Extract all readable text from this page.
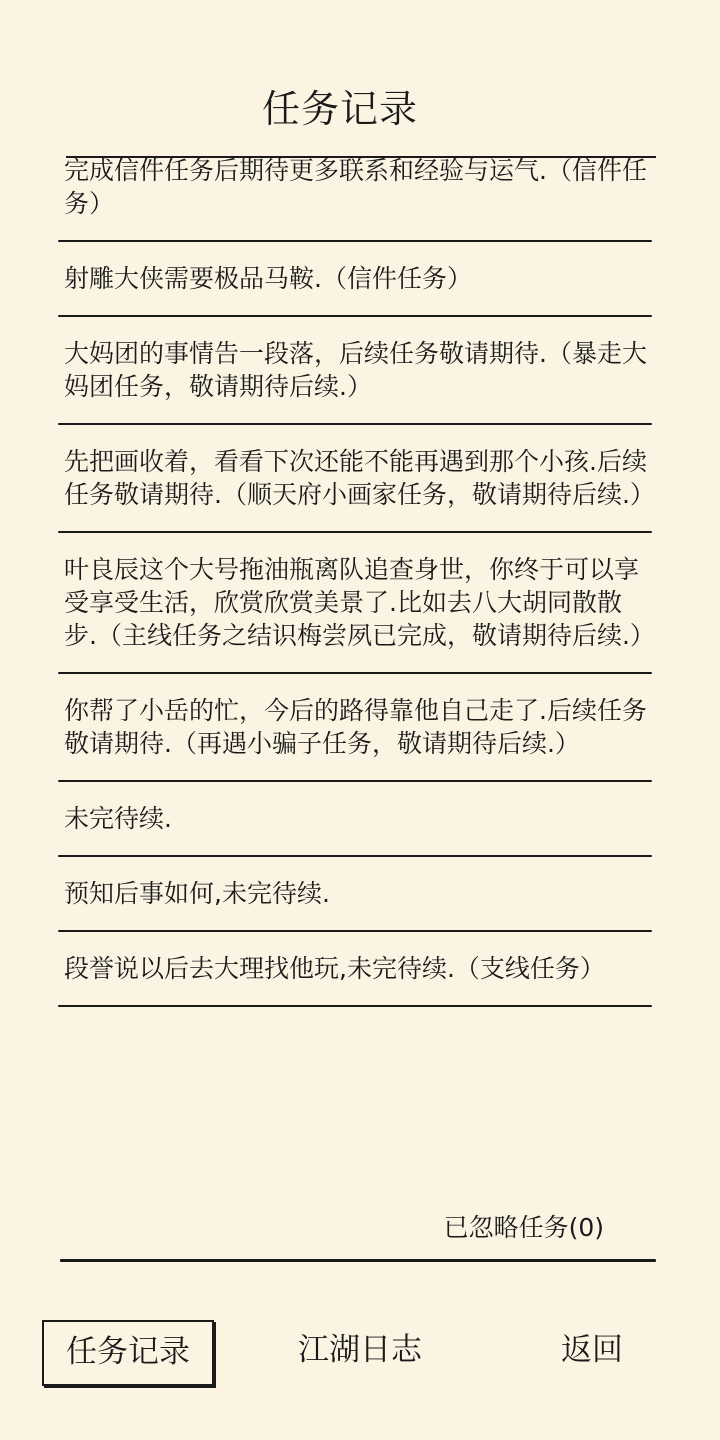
任务记录
完成信件任务后期待更多联系和经验与运气.（信件任务）
射雕大侠需要极品马鞍.（信件任务）
大妈团的事情告一段落，后续任务敬请期待.（暴走大妈团任务，敬请期待后续.）
先把画收着，看看下次还能不能再遇到那个小孩.后续任务敬请期待.（顺天府小画家任务，敬请期待后续.）
叶良辰这个大号拖油瓶离队追查身世，你终于可以享受享受生活，欣赏欣赏美景了.比如去八大胡同散散步.（主线任务之结识梅尝夙已完成，敬请期待后续.）
你帮了小岳的忙，今后的路得靠他自己走了.后续任务敬请期待.（再遇小骗子任务，敬请期待后续.）
未完待续.
预知后事如何,未完待续.
段誉说以后去大理找他玩,未完待续.（支线任务）
已忽略任务(0)
任务记录	江湖日志	返回
